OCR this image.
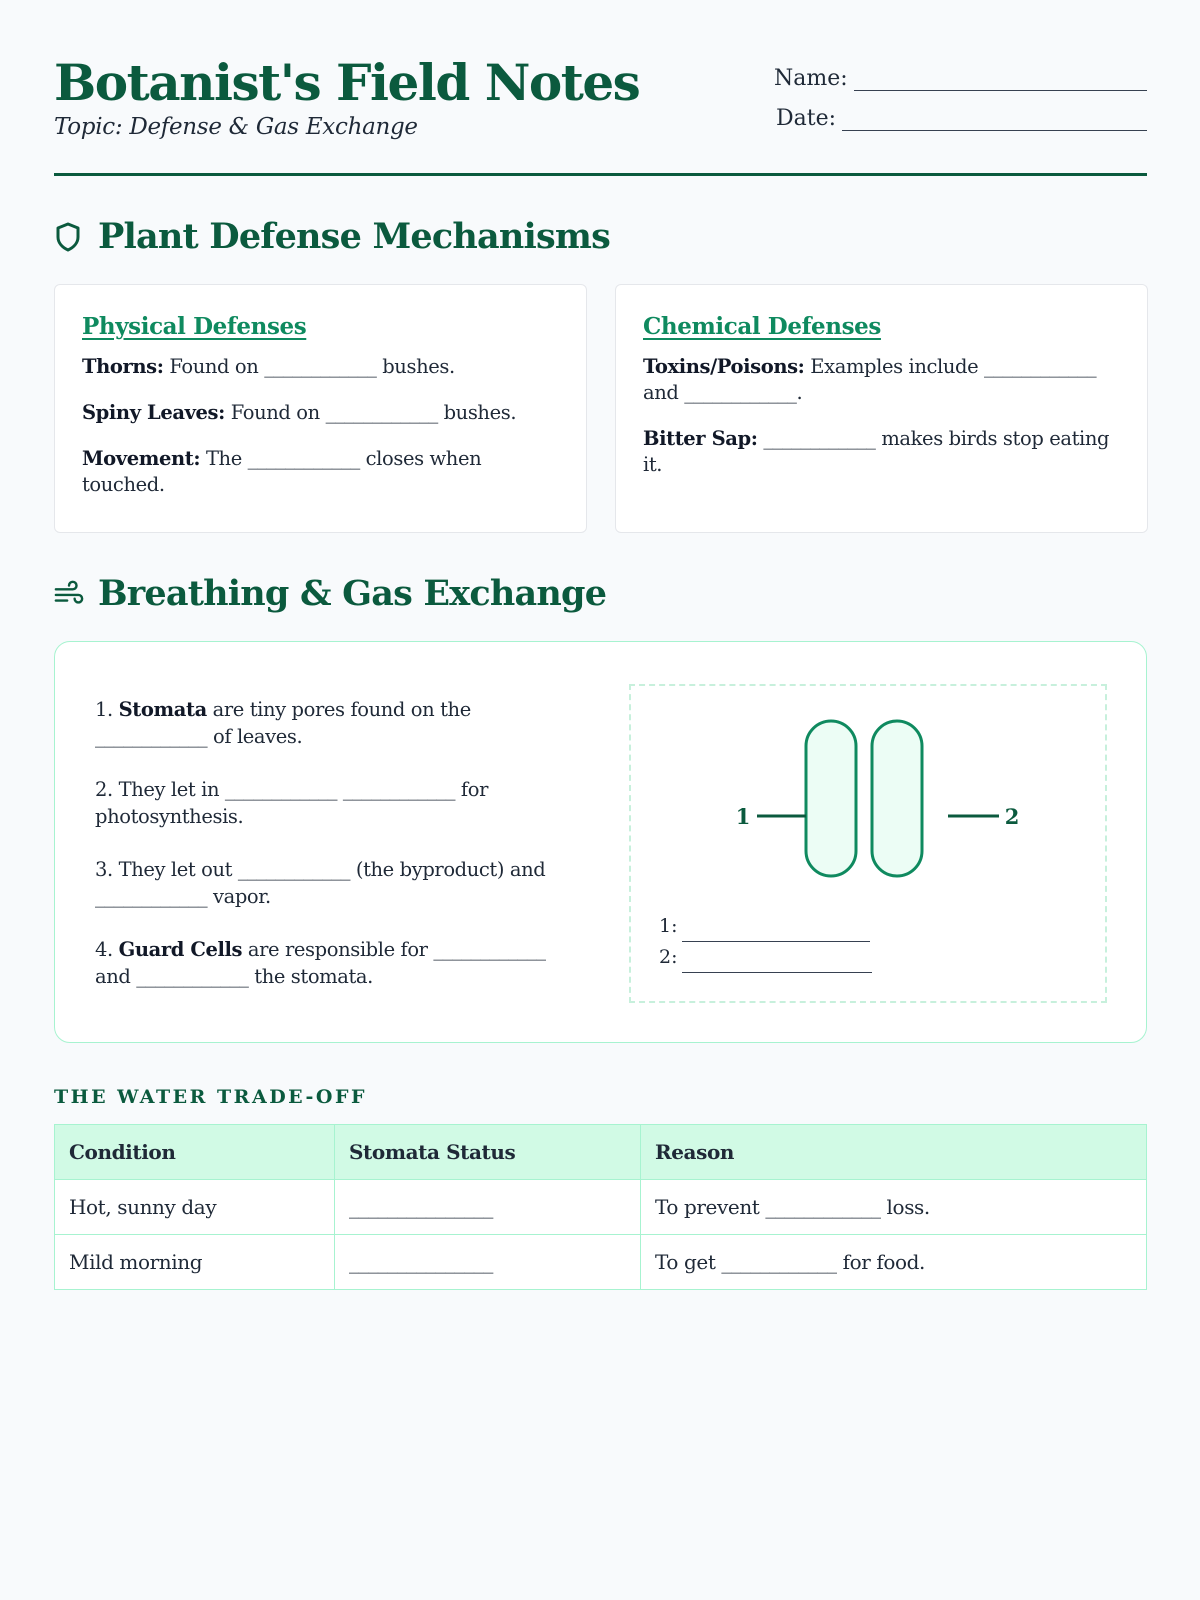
Botanist's Field Notes
Topic: Defense & Gas Exchange
Name:
Date:
Plant Defense Mechanisms
Physical Defenses
Thorns: Found on ____________ bushes.
Spiny Leaves: Found on ____________ bushes.
Movement: The ____________ closes when touched.
Chemical Defenses
Toxins/Poisons: Examples include ____________ and ____________.
Bitter Sap: ____________ makes birds stop eating it.
Breathing & Gas Exchange
1. Stomata are tiny pores found on the ____________ of leaves.
2. They let in ____________ ____________ for photosynthesis.
3. They let out ____________ (the byproduct) and ____________ vapor.
4. Guard Cells are responsible for ____________ and ____________ the stomata.
1	2
1:
2:
THE WATER TRADE-OFF
Condition	Stomata Status	Reason
Hot, sunny day	_______________	To prevent ____________ loss.
Mild morning	_______________	To get ____________ for food.
